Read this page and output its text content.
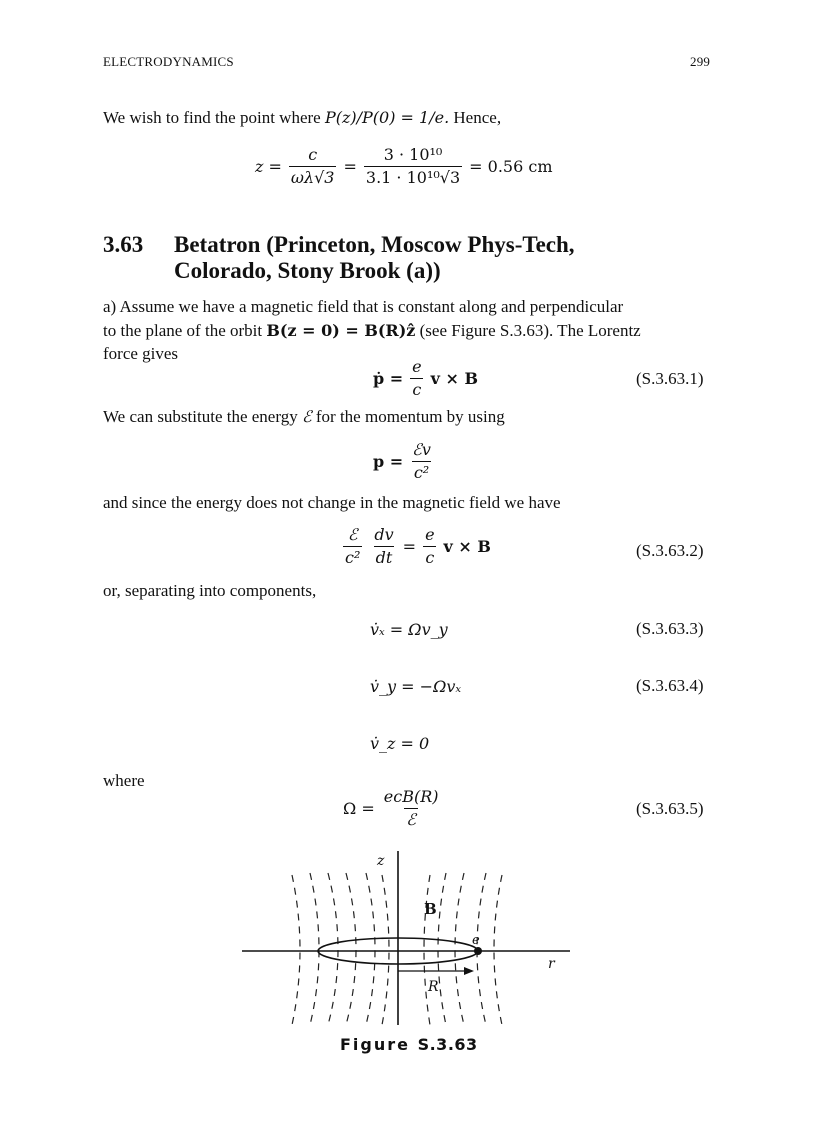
ELECTRODYNAMICS	299
We wish to find the point where P(z)/P(0) = 1/e. Hence,
$z = \frac{c}{\omega\lambda√3} = \frac{\text{3 · 10¹⁰}}{\text{3.1 · 10¹⁰√3}} = 0.56$ cm
3.63 Betatron (Princeton, Moscow Phys-Tech,
Colorado, Stony Brook (a))
a) Assume we have a magnetic field that is constant along and perpendicular
to the plane of the orbit B(z = 0) = B(R)ẑ (see Figure S.3.63). The Lorentz
force gives
ṗ = $\frac{e}{c}$ v × B	(S.3.63.1)
We can substitute the energy ℰ for the momentum by using
$p = \frac{\text{ℰv}}{\text{c²}}$
and since the energy does not change in the magnetic field we have
$\frac{\text{ℰ}}{\text{c²}} \frac{dv}{dt} = \frac{e}{c}$ v × B	(S.3.63.2)
or, separating into components,
v̇ₓ = Ωv_y	(S.3.63.3)
v̇_y = −Ωvₓ	(S.3.63.4)
v̇_z = 0
where
$\Omega = \frac{\text{ecB(R)}}{\text{ℰ}}$	(S.3.63.5)
z
r
B
e
R
Figure S.3.63
